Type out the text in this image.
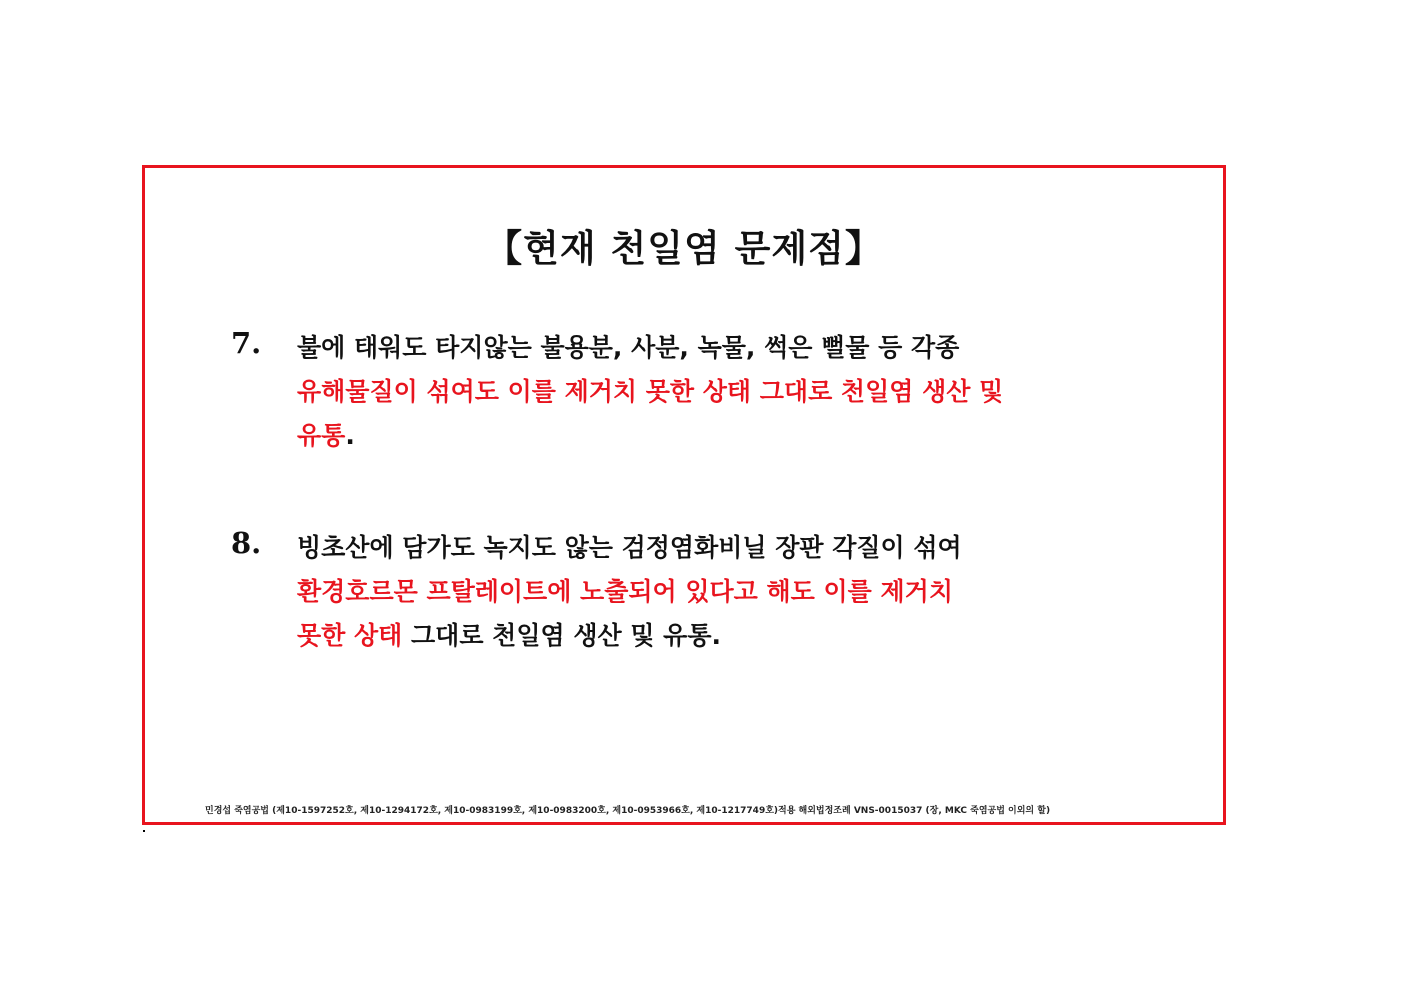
【현재 천일염 문제점】
7. 불에 태워도 타지않는 불용분, 사분, 녹물, 썩은 뻘물 등 각종
유해물질이 섞여도 이를 제거치 못한 상태 그대로 천일염 생산 및
유통.
8. 빙초산에 담가도 녹지도 않는 검정염화비닐 장판 각질이 섞여
환경호르몬 프탈레이트에 노출되어 있다고 해도 이를 제거치
못한 상태 그대로 천일염 생산 및 유통.
민경섭 죽염공법 (제10-1597252호, 제10-1294172호, 제10-0983199호, 제10-0983200호, 제10-0953966호, 제10-1217749호)적용 해외법정조례 VNS-0015037 (장, MKC 죽염공법 이외의 할)
